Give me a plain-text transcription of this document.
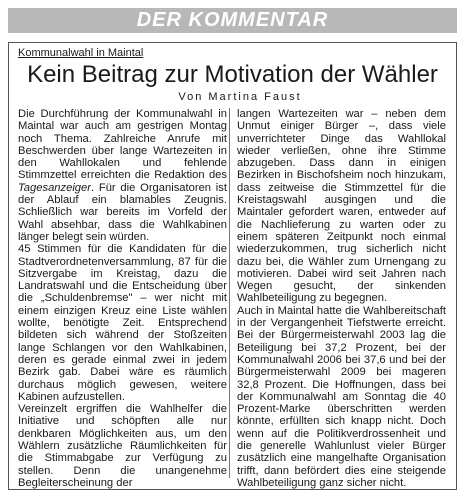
DER KOMMENTAR
Kommunalwahl in Maintal
Kein Beitrag zur Motivation der Wähler
Von Martina Faust

Die Durchführung der Kommunalwahl in Maintal war auch am gestrigen Montag noch Thema. Zahlreiche Anrufe mit Beschwerden über lange Wartezeiten in den Wahllokalen und fehlende Stimmzettel erreichten die Redaktion des Tagesanzeiger. Für die Organisatoren ist der Ablauf ein blamables Zeugnis. Schließlich war bereits im Vorfeld der Wahl absehbar, dass die Wahlkabinen länger belegt sein würden.

45 Stimmen für die Kandidaten für die Stadtverordnetenversammlung, 87 für die Sitzvergabe im Kreistag, dazu die Landratswahl und die Entscheidung über die „Schuldenbremse" – wer nicht mit einem einzigen Kreuz eine Liste wählen wollte, benötigte Zeit. Entsprechend bildeten sich während der Stoßzeiten lange Schlangen vor den Wahlkabinen, deren es gerade einmal zwei in jedem Bezirk gab. Dabei wäre es räumlich durchaus möglich gewesen, weitere Kabinen aufzustellen.

Vereinzelt ergriffen die Wahlhelfer die Initiative und schöpften alle nur denkbaren Möglichkeiten aus, um den Wählern zusätzliche Räumlichkeiten für die Stimmabgabe zur Verfügung zu stellen. Denn die unangenehme Begleiterscheinung der

langen Wartezeiten war – neben dem Unmut einiger Bürger –, dass viele unverrichteter Dinge das Wahllokal wieder verließen, ohne ihre Stimme abzugeben. Dass dann in einigen Bezirken in Bischofsheim noch hinzukam, dass zeitweise die Stimmzettel für die Kreistagswahl ausgingen und die Maintaler gefordert waren, entweder auf die Nachlieferung zu warten oder zu einem späteren Zeitpunkt noch einmal wiederzukommen, trug sicherlich nicht dazu bei, die Wähler zum Urnengang zu motivieren. Dabei wird seit Jahren nach Wegen gesucht, der sinkenden Wahlbeteiligung zu begegnen.

Auch in Maintal hatte die Wahlbereitschaft in der Vergangenheit Tiefstwerte erreicht. Bei der Bürgermeisterwahl 2003 lag die Beteiligung bei 37,2 Prozent, bei der Kommunalwahl 2006 bei 37,6 und bei der Bürgermeisterwahl 2009 bei mageren 32,8 Prozent. Die Hoffnungen, dass bei der Kommunalwahl am Sonntag die 40 Prozent-Marke überschritten werden könnte, erfüllten sich knapp nicht. Doch wenn auf die Politikverdrossenheit und die generelle Wahlunlust vieler Bürger zusätzlich eine mangelhafte Organisation trifft, dann befördert dies eine steigende Wahlbeteiligung ganz sicher nicht.
